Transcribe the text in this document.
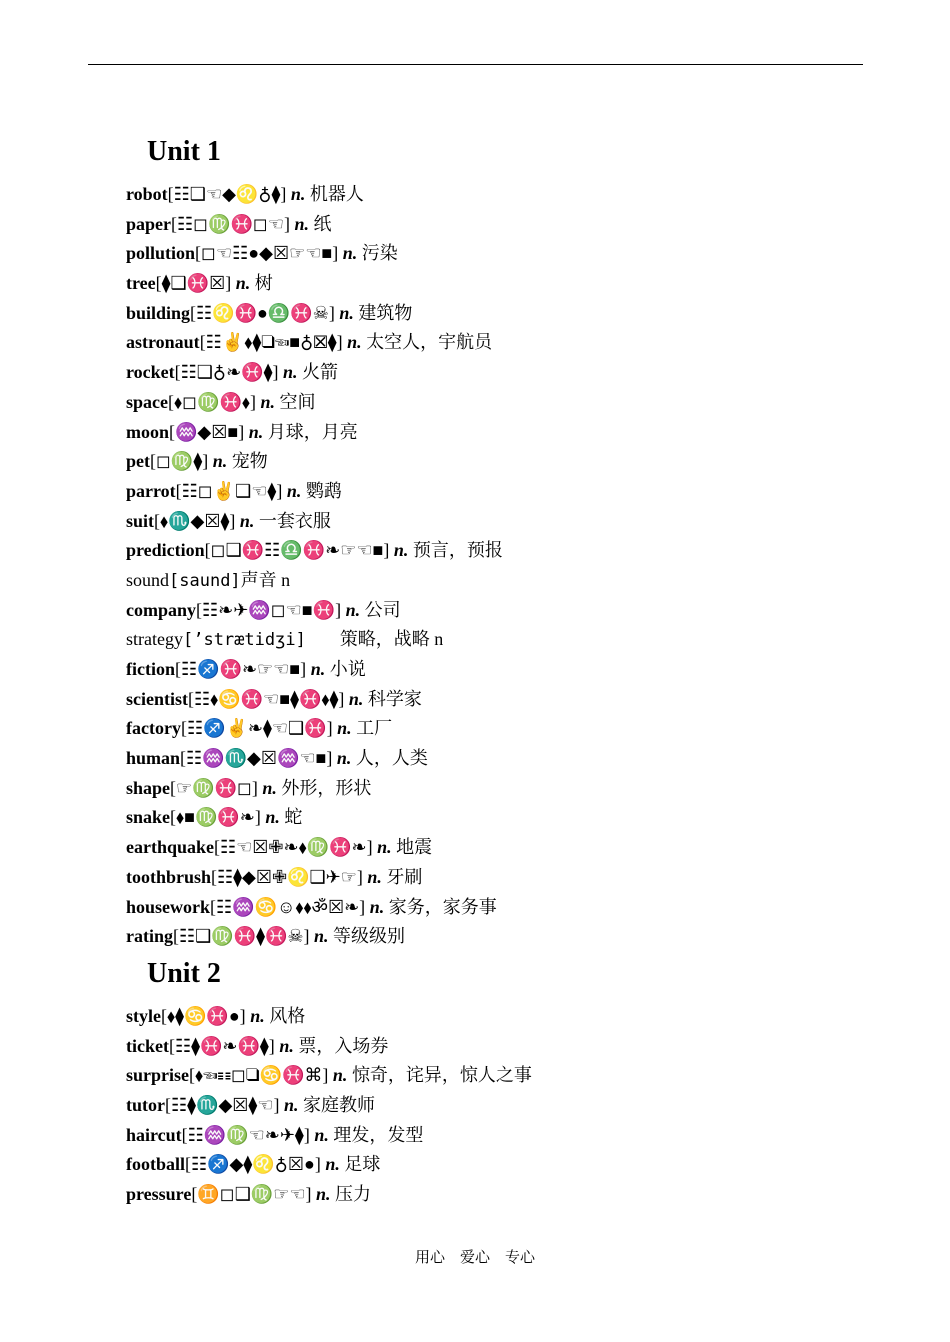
Unit 1
robot[☷❑☜◆♌♁⧫] n. 机器人
paper[☷◻♍♓◻☜] n. 纸
pollution[◻☜☷●◆☒☞☜■] n. 污染
tree[⧫❑♓☒] n. 树
building[☷♌♓●♎♓☠] n. 建筑物
astronaut[☷✌⬧⧫❑☜■♁☒⧫] n. 太空人，宇航员
rocket[☷❑♁❧♓⧫] n. 火箭
space[⬧◻♍♓⬧] n. 空间
moon[♒◆☒■] n. 月球，月亮
pet[◻♍⧫] n. 宠物
parrot[☷◻✌❑☜⧫] n. 鹦鹉
suit[⬧♏◆☒⧫] n. 一套衣服
prediction[◻❑♓☷♎♓❧☞☜■] n. 预言，预报
sound[saund]声音 n
company[☷❧✈♒◻☜■♓] n. 公司
strategy[’strætidʒi] 策略，战略 n
fiction[☷♐♓❧☞☜■] n. 小说
scientist[☷⬧♋♓☜■⧫♓⬧⧫] n. 科学家
factory[☷♐✌❧⧫☜❑♓] n. 工厂
human[☷♒♏◆☒♒☜■] n. 人，人类
shape[☞♍♓◻] n. 外形，形状
snake[⬧■♍♓❧] n. 蛇
earthquake[☷☜☒✙❧⬧♍♓❧] n. 地震
toothbrush[☷⧫◆☒✙♌❑✈☞] n. 牙刷
housework[☷♒♋☺⬧⬧ॐ☒❧] n. 家务，家务事
rating[☷❑♍♓⧫♓☠] n. 等级级别
Unit 2
style[⬧⧫♋♓●] n. 风格
ticket[☷⧫♓❧♓⧫] n. 票，入场券
surprise[⬧☜☷◻❑♋♓⌘] n. 惊奇，诧异，惊人之事
tutor[☷⧫♏◆☒⧫☜] n. 家庭教师
haircut[☷♒♍☜❧✈⧫] n. 理发，发型
football[☷♐◆⧫♌♁☒●] n. 足球
pressure[♊◻❑♍☞☜] n. 压力
用心　爱心　专心
